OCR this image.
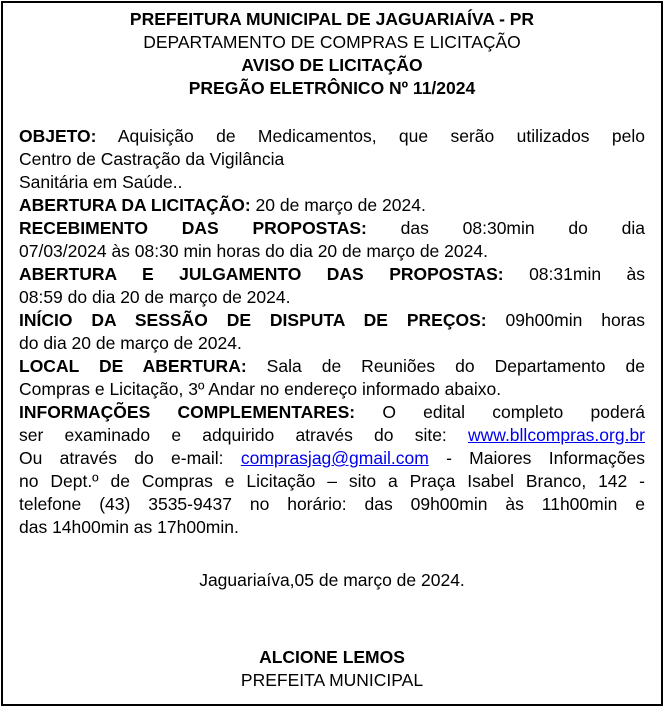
PREFEITURA MUNICIPAL DE JAGUARIAÍVA - PR
DEPARTAMENTO DE COMPRAS E LICITAÇÃO
AVISO DE LICITAÇÃO
PREGÃO ELETRÔNICO Nº 11/2024
OBJETO: Aquisição de Medicamentos, que serão utilizados pelo
Centro de Castração da Vigilância
Sanitária em Saúde..
ABERTURA DA LICITAÇÃO: 20 de março de 2024.
RECEBIMENTO DAS PROPOSTAS: das 08:30min do dia
07/03/2024 às 08:30 min horas do dia 20 de março de 2024.
ABERTURA E JULGAMENTO DAS PROPOSTAS: 08:31min às
08:59 do dia 20 de março de 2024.
INÍCIO DA SESSÃO DE DISPUTA DE PREÇOS: 09h00min horas
do dia 20 de março de 2024.
LOCAL DE ABERTURA: Sala de Reuniões do Departamento de
Compras e Licitação, 3º Andar no endereço informado abaixo.
INFORMAÇÕES COMPLEMENTARES: O edital completo poderá
ser examinado e adquirido através do site: www.bllcompras.org.br
Ou através do e-mail: comprasjag@gmail.com - Maiores Informações
no Dept.º de Compras e Licitação – sito a Praça Isabel Branco, 142 -
telefone (43) 3535-9437 no horário: das 09h00min às 11h00min e
das 14h00min as 17h00min.
Jaguariaíva,05 de março de 2024.
ALCIONE LEMOS
PREFEITA MUNICIPAL
